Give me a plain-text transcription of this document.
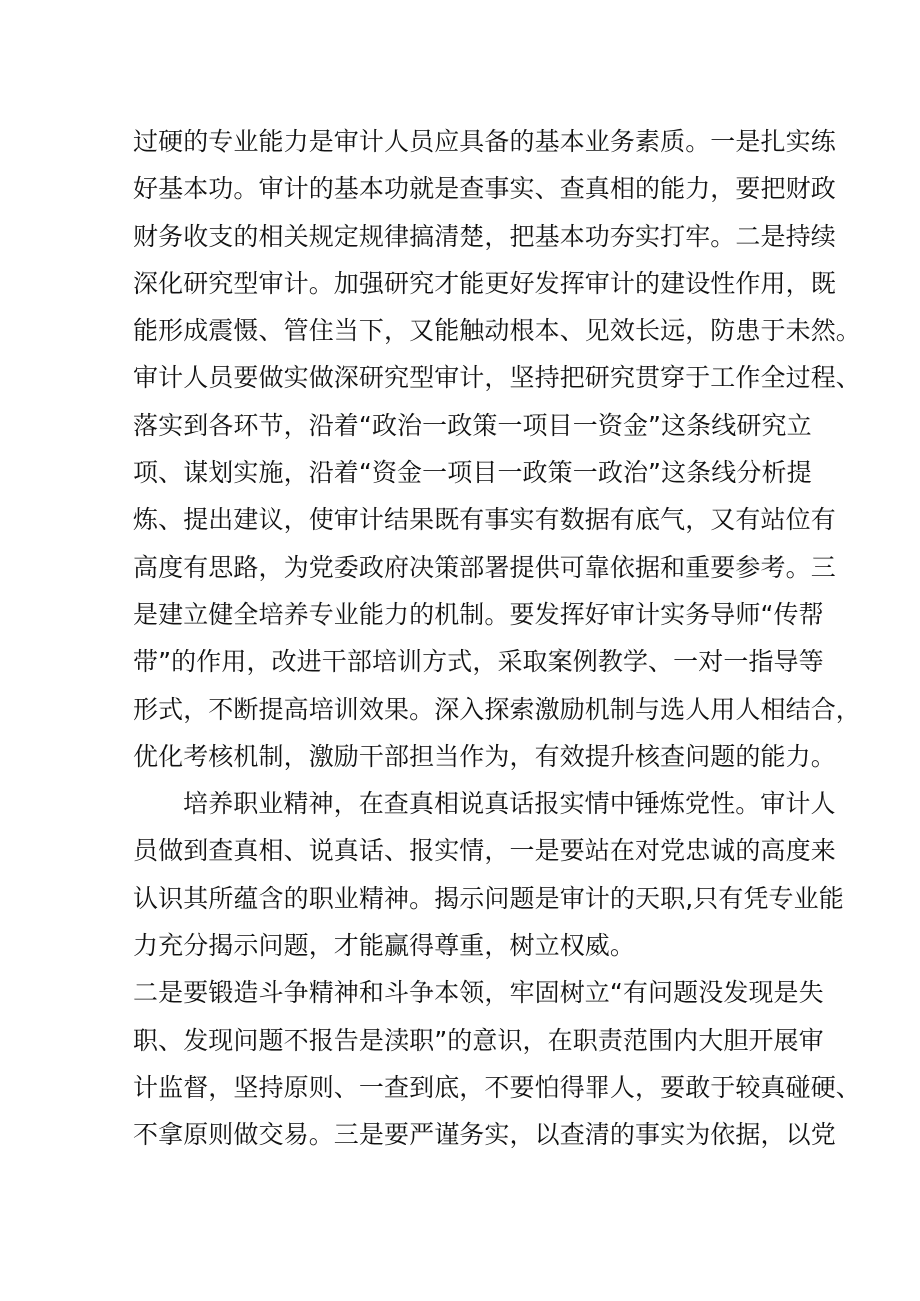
过硬的专业能力是审计人员应具备的基本业务素质。一是扎实练
好基本功。审计的基本功就是查事实、查真相的能力，要把财政
财务收支的相关规定规律搞清楚，把基本功夯实打牢。二是持续
深化研究型审计。加强研究才能更好发挥审计的建设性作用，既
能形成震慑、管住当下，又能触动根本、见效长远，防患于未然。
审计人员要做实做深研究型审计，坚持把研究贯穿于工作全过程、
落实到各环节，沿着“政治一政策一项目一资金”这条线研究立
项、谋划实施，沿着“资金一项目一政策一政治”这条线分析提
炼、提出建议，使审计结果既有事实有数据有底气，又有站位有
高度有思路，为党委政府决策部署提供可靠依据和重要参考。三
是建立健全培养专业能力的机制。要发挥好审计实务导师“传帮
带”的作用，改进干部培训方式，采取案例教学、一对一指导等
形式，不断提高培训效果。深入探索激励机制与选人用人相结合，
优化考核机制，激励干部担当作为，有效提升核查问题的能力。
培养职业精神，在查真相说真话报实情中锤炼党性。审计人
员做到查真相、说真话、报实情，一是要站在对党忠诚的高度来
认识其所蕴含的职业精神。揭示问题是审计的天职,只有凭专业能
力充分揭示问题，才能赢得尊重，树立权威。
二是要锻造斗争精神和斗争本领，牢固树立“有问题没发现是失
职、发现问题不报告是渎职”的意识，在职责范围内大胆开展审
计监督，坚持原则、一查到底，不要怕得罪人，要敢于较真碰硬、
不拿原则做交易。三是要严谨务实，以查清的事实为依据，以党
